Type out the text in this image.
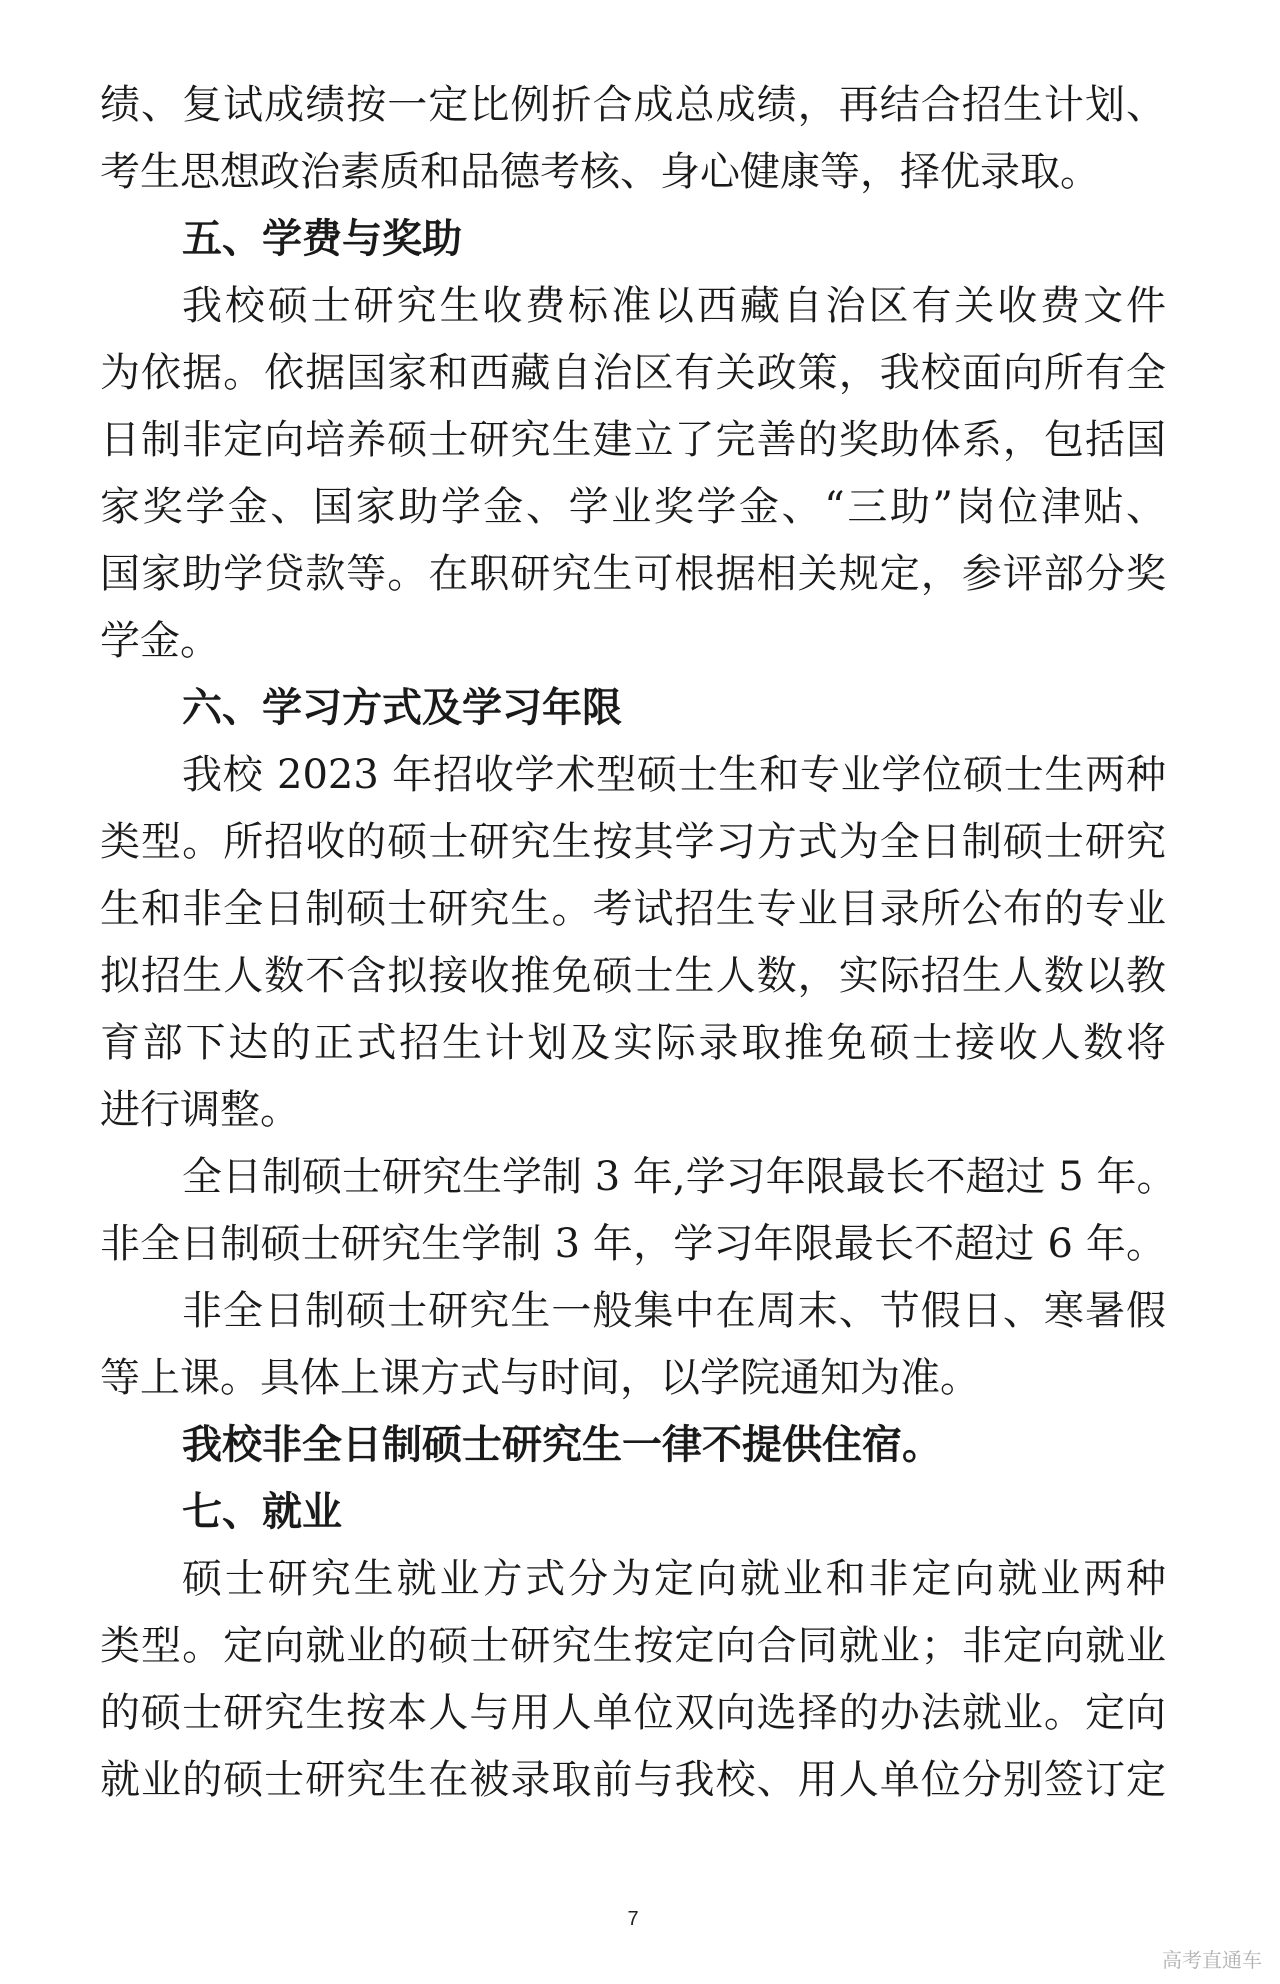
绩、复试成绩按一定比例折合成总成绩，再结合招生计划、
考生思想政治素质和品德考核、身心健康等，择优录取。
五、学费与奖助
我校硕士研究生收费标准以西藏自治区有关收费文件
为依据。依据国家和西藏自治区有关政策，我校面向所有全
日制非定向培养硕士研究生建立了完善的奖助体系，包括国
家奖学金、国家助学金、学业奖学金、“三助”岗位津贴、
国家助学贷款等。在职研究生可根据相关规定，参评部分奖
学金。
六、学习方式及学习年限
我校 2023 年招收学术型硕士生和专业学位硕士生两种
类型。所招收的硕士研究生按其学习方式为全日制硕士研究
生和非全日制硕士研究生。考试招生专业目录所公布的专业
拟招生人数不含拟接收推免硕士生人数，实际招生人数以教
育部下达的正式招生计划及实际录取推免硕士接收人数将
进行调整。
全日制硕士研究生学制 3 年,学习年限最长不超过 5 年。
非全日制硕士研究生学制 3 年，学习年限最长不超过 6 年。
非全日制硕士研究生一般集中在周末、节假日、寒暑假
等上课。具体上课方式与时间，以学院通知为准。
我校非全日制硕士研究生一律不提供住宿。
七、就业
硕士研究生就业方式分为定向就业和非定向就业两种
类型。定向就业的硕士研究生按定向合同就业；非定向就业
的硕士研究生按本人与用人单位双向选择的办法就业。定向
就业的硕士研究生在被录取前与我校、用人单位分别签订定
7
高考直通车
